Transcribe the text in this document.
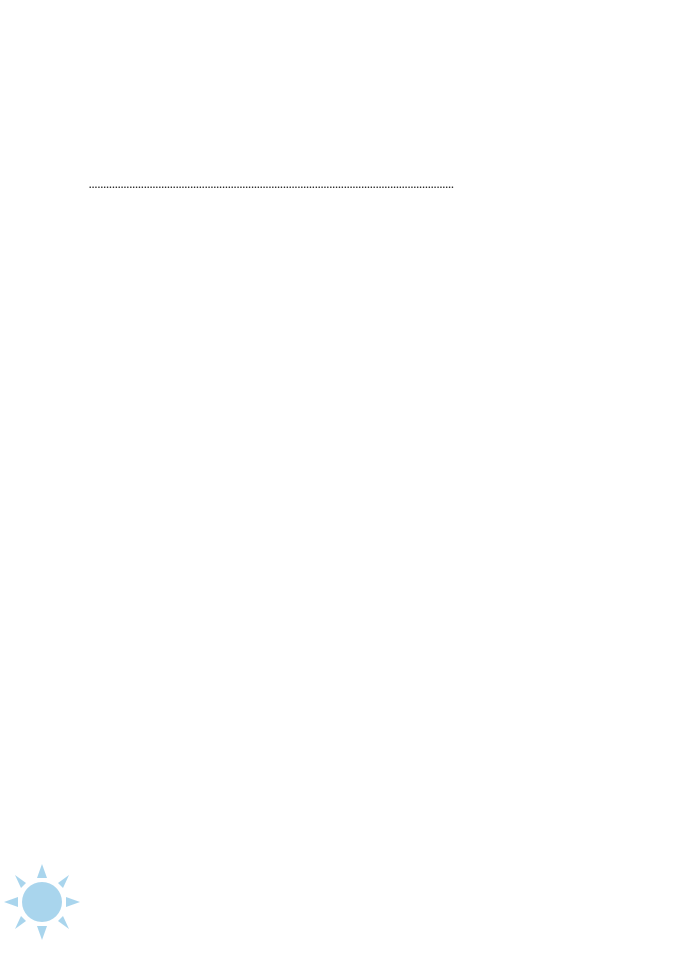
..............................................................................................................................
